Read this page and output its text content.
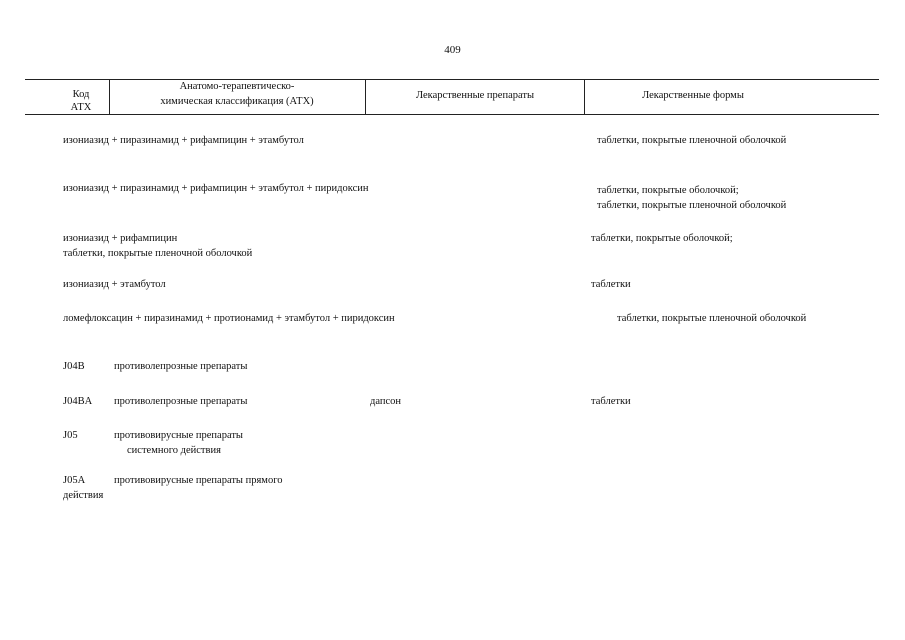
409
Код
АТХ
Анатомо-терапевтическо-
химическая классификация (АТХ)
Лекарственные препараты	Лекарственные формы
изониазид + пиразинамид + рифампицин + этамбутол	таблетки, покрытые пленочной оболочкой
изониазид + пиразинамид + рифампицин + этамбутол + пиридоксин	таблетки, покрытые оболочкой;
таблетки, покрытые пленочной оболочкой
изониазид + рифампицин	таблетки, покрытые оболочкой;
таблетки, покрытые пленочной оболочкой
изониазид + этамбутол	таблетки
ломефлоксацин + пиразинамид + протионамид + этамбутол + пиридоксин	таблетки, покрытые пленочной оболочкой
J04B	противолепрозные препараты
J04BA противолепрозные препараты	дапсон	таблетки
J05	противовирусные препараты
системного действия
J05A	противовирусные препараты прямого
действия
